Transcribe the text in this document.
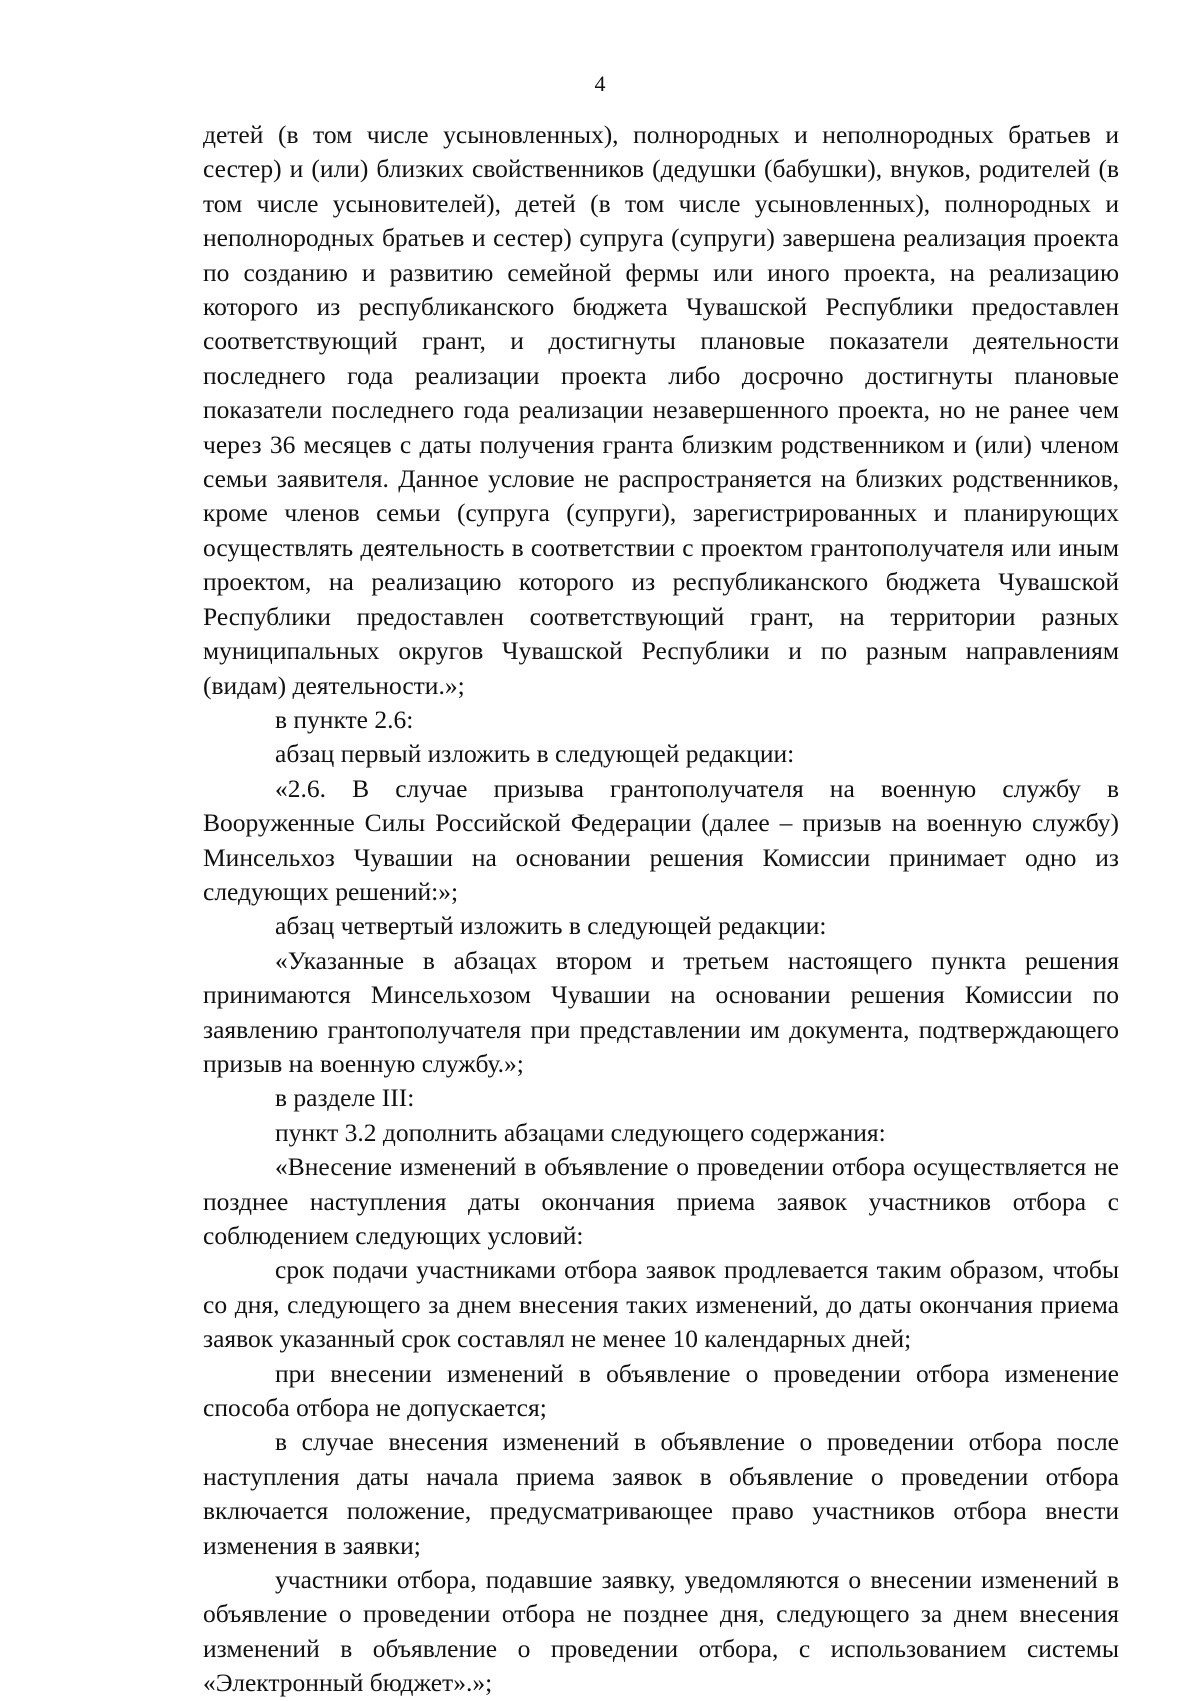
4

детей (в том числе усыновленных), полнородных и неполнородных братьев и сестер) и (или) близких свойственников (дедушки (бабушки), внуков, родителей (в том числе усыновителей), детей (в том числе усыновленных), полнородных и неполнородных братьев и сестер) супруга (супруги) завершена реализация проекта по созданию и развитию семейной фермы или иного проекта, на реализацию которого из республиканского бюджета Чувашской Республики предоставлен соответствующий грант, и достигнуты плановые показатели деятельности последнего года реализации проекта либо досрочно достигнуты плановые показатели последнего года реализации незавершенного проекта, но не ранее чем через 36 месяцев с даты получения гранта близким родственником и (или) членом семьи заявителя. Данное условие не распространяется на близких родственников, кроме членов семьи (супруга (супруги), зарегистрированных и планирующих осуществлять деятельность в соответствии с проектом грантополучателя или иным проектом, на реализацию которого из республиканского бюджета Чувашской Республики предоставлен соответствующий грант, на территории разных муниципальных округов Чувашской Республики и по разным направлениям (видам) деятельности.»;

в пункте 2.6:

абзац первый изложить в следующей редакции:

«2.6. В случае призыва грантополучателя на военную службу в Вооруженные Силы Российской Федерации (далее – призыв на военную службу) Минсельхоз Чувашии на основании решения Комиссии принимает одно из следующих решений:»;

абзац четвертый изложить в следующей редакции:

«Указанные в абзацах втором и третьем настоящего пункта решения принимаются Минсельхозом Чувашии на основании решения Комиссии по заявлению грантополучателя при представлении им документа, подтверждающего призыв на военную службу.»;

в разделе III:

пункт 3.2 дополнить абзацами следующего содержания:

«Внесение изменений в объявление о проведении отбора осуществляется не позднее наступления даты окончания приема заявок участников отбора с соблюдением следующих условий:

срок подачи участниками отбора заявок продлевается таким образом, чтобы со дня, следующего за днем внесения таких изменений, до даты окончания приема заявок указанный срок составлял не менее 10 календарных дней;

при внесении изменений в объявление о проведении отбора изменение способа отбора не допускается;

в случае внесения изменений в объявление о проведении отбора после наступления даты начала приема заявок в объявление о проведении отбора включается положение, предусматривающее право участников отбора внести изменения в заявки;

участники отбора, подавшие заявку, уведомляются о внесении изменений в объявление о проведении отбора не позднее дня, следующего за днем внесения изменений в объявление о проведении отбора, с использованием системы «Электронный бюджет».»;
